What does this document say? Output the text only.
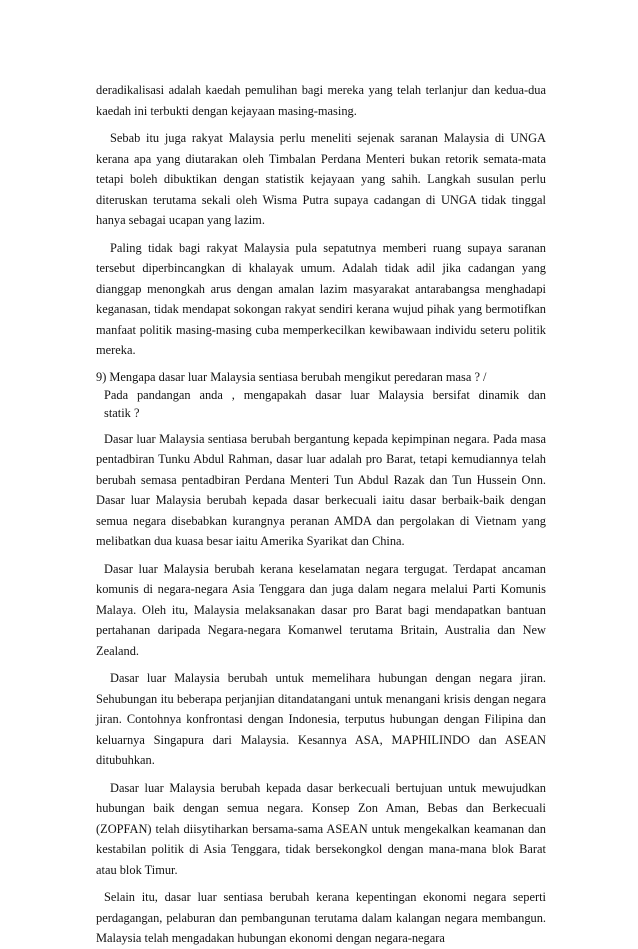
deradikalisasi adalah kaedah pemulihan bagi mereka yang telah terlanjur dan kedua-dua kaedah ini terbukti dengan kejayaan masing-masing.

Sebab itu juga rakyat Malaysia perlu meneliti sejenak saranan Malaysia di UNGA kerana apa yang diutarakan oleh Timbalan Perdana Menteri bukan retorik semata-mata tetapi boleh dibuktikan dengan statistik kejayaan yang sahih. Langkah susulan perlu diteruskan terutama sekali oleh Wisma Putra supaya cadangan di UNGA tidak tinggal hanya sebagai ucapan yang lazim.

Paling tidak bagi rakyat Malaysia pula sepatutnya memberi ruang supaya saranan tersebut diperbincangkan di khalayak umum. Adalah tidak adil jika cadangan yang dianggap menongkah arus dengan amalan lazim masyarakat antarabangsa menghadapi keganasan, tidak mendapat sokongan rakyat sendiri kerana wujud pihak yang bermotifkan manfaat politik masing-masing cuba memperkecilkan kewibawaan individu seteru politik mereka.

9) Mengapa dasar luar Malaysia sentiasa berubah mengikut peredaran masa ? /
Pada pandangan anda , mengapakah dasar luar Malaysia bersifat dinamik dan
statik ?

Dasar luar Malaysia sentiasa berubah bergantung kepada kepimpinan negara. Pada masa pentadbiran Tunku Abdul Rahman, dasar luar adalah pro Barat, tetapi kemudiannya telah berubah semasa pentadbiran Perdana Menteri Tun Abdul Razak dan Tun Hussein Onn. Dasar luar Malaysia berubah kepada dasar berkecuali iaitu dasar berbaik-baik dengan semua negara disebabkan kurangnya peranan AMDA dan pergolakan di Vietnam yang melibatkan dua kuasa besar iaitu Amerika Syarikat dan China.

Dasar luar Malaysia berubah kerana keselamatan negara tergugat. Terdapat ancaman komunis di negara-negara Asia Tenggara dan juga dalam negara melalui Parti Komunis Malaya. Oleh itu, Malaysia melaksanakan dasar pro Barat bagi mendapatkan bantuan pertahanan daripada Negara-negara Komanwel terutama Britain, Australia dan New Zealand.

Dasar luar Malaysia berubah untuk memelihara hubungan dengan negara jiran. Sehubungan itu beberapa perjanjian ditandatangani untuk menangani krisis dengan negara jiran. Contohnya konfrontasi dengan Indonesia, terputus hubungan dengan Filipina dan keluarnya Singapura dari Malaysia. Kesannya ASA, MAPHILINDO dan ASEAN ditubuhkan.

Dasar luar Malaysia berubah kepada dasar berkecuali bertujuan untuk mewujudkan hubungan baik dengan semua negara. Konsep Zon Aman, Bebas dan Berkecuali (ZOPFAN) telah diisytiharkan bersama-sama ASEAN untuk mengekalkan keamanan dan kestabilan politik di Asia Tenggara, tidak bersekongkol dengan mana-mana blok Barat atau blok Timur.

Selain itu, dasar luar sentiasa berubah kerana kepentingan ekonomi negara seperti perdagangan, pelaburan dan pembangunan terutama dalam kalangan negara membangun. Malaysia telah mengadakan hubungan ekonomi dengan negara-negara
